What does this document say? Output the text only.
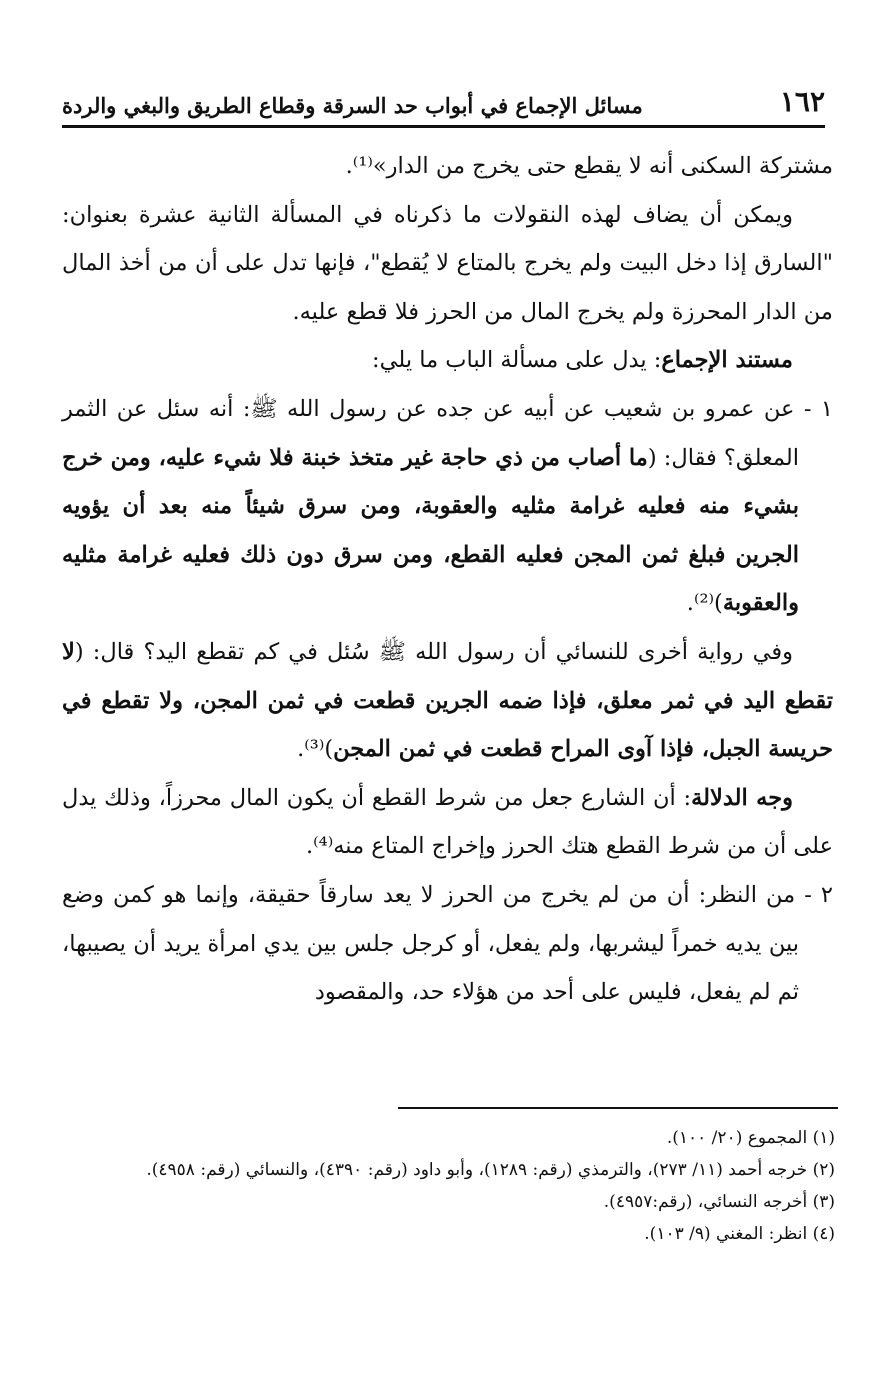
١٦٢
مسائل الإجماع في أبواب حد السرقة وقطاع الطريق والبغي والردة

مشتركة السكنى أنه لا يقطع حتى يخرج من الدار»⁽¹⁾.

ويمكن أن يضاف لهذه النقولات ما ذكرناه في المسألة الثانية عشرة بعنوان: "السارق إذا دخل البيت ولم يخرج بالمتاع لا يُقطع"، فإنها تدل على أن من أخذ المال من الدار المحرزة ولم يخرج المال من الحرز فلا قطع عليه.

مستند الإجماع: يدل على مسألة الباب ما يلي:

١ - عن عمرو بن شعيب عن أبيه عن جده عن رسول الله ﷺ: أنه سئل عن الثمر المعلق؟ فقال: (ما أصاب من ذي حاجة غير متخذ خبنة فلا شيء عليه، ومن خرج بشيء منه فعليه غرامة مثليه والعقوبة، ومن سرق شيئاً منه بعد أن يؤويه الجرين فبلغ ثمن المجن فعليه القطع، ومن سرق دون ذلك فعليه غرامة مثليه والعقوبة)⁽²⁾.

وفي رواية أخرى للنسائي أن رسول الله ﷺ سُئل في كم تقطع اليد؟ قال: (لا تقطع اليد في ثمر معلق، فإذا ضمه الجرين قطعت في ثمن المجن، ولا تقطع في حريسة الجبل، فإذا آوى المراح قطعت في ثمن المجن)⁽³⁾.

وجه الدلالة: أن الشارع جعل من شرط القطع أن يكون المال محرزاً، وذلك يدل على أن من شرط القطع هتك الحرز وإخراج المتاع منه⁽⁴⁾.

٢ - من النظر: أن من لم يخرج من الحرز لا يعد سارقاً حقيقة، وإنما هو كمن وضع بين يديه خمراً ليشربها، ولم يفعل، أو كرجل جلس بين يدي امرأة يريد أن يصيبها، ثم لم يفعل، فليس على أحد من هؤلاء حد، والمقصود

(١) المجموع (٢٠/ ١٠٠).

(٢) خرجه أحمد (١١/ ٢٧٣)، والترمذي (رقم: ١٢٨٩)، وأبو داود (رقم: ٤٣٩٠)، والنسائي (رقم: ٤٩٥٨).

(٣) أخرجه النسائي، (رقم:٤٩٥٧).

(٤) انظر: المغني (٩/ ١٠٣).
